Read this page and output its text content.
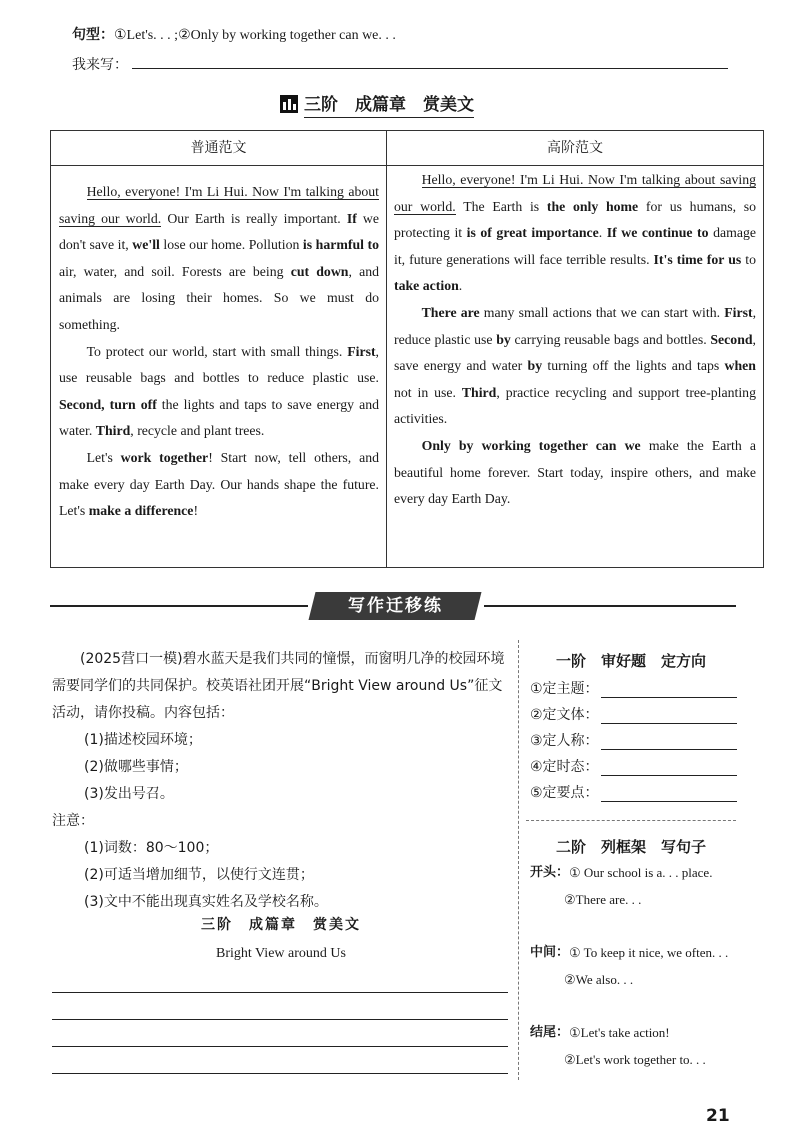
句型：①Let's. . . ;②Only by working together can we. . .
我来写：
三阶　成篇章　赏美文
普通范文	高阶范文

Hello, everyone! I'm Li Hui. Now I'm talking about saving our world. Our Earth is really important. If we don't save it, we'll lose our home. Pollution is harmful to air, water, and soil. Forests are being cut down, and animals are losing their homes. So we must do something.

To protect our world, start with small things. First, use reusable bags and bottles to reduce plastic use. Second, turn off the lights and taps to save energy and water. Third, recycle and plant trees.

Let's work together! Start now, tell others, and make every day Earth Day. Our hands shape the future. Let's make a difference!

Hello, everyone! I'm Li Hui. Now I'm talking about saving our world. The Earth is the only home for us humans, so protecting it is of great importance. If we continue to damage it, future generations will face terrible results. It's time for us to take action.

There are many small actions that we can start with. First, reduce plastic use by carrying reusable bags and bottles. Second, save energy and water by turning off the lights and taps when not in use. Third, practice recycling and support tree-planting activities.

Only by working together can we make the Earth a beautiful home forever. Start today, inspire others, and make every day Earth Day.

写作迁移练

(2025营口一模)碧水蓝天是我们共同的憧憬，而窗明几净的校园环境需要同学们的共同保护。校英语社团开展“Bright View around Us”征文活动，请你投稿。内容包括：

(1)描述校园环境；

(2)做哪些事情；

(3)发出号召。

注意：

(1)词数：80～100；

(2)可适当增加细节，以使行文连贯；

(3)文中不能出现真实姓名及学校名称。

三阶　成篇章　赏美文
Bright View around Us
一阶　审好题　定方向
①定主题：
②定文体：
③定人称：
④定时态：
⑤定要点：
二阶　列框架　写句子
开头： ① Our school is a. . . place.
②There are. . .
中间： ① To keep it nice, we often. . .
②We also. . .
结尾： ①Let's take action!
②Let's work together to. . .
21
